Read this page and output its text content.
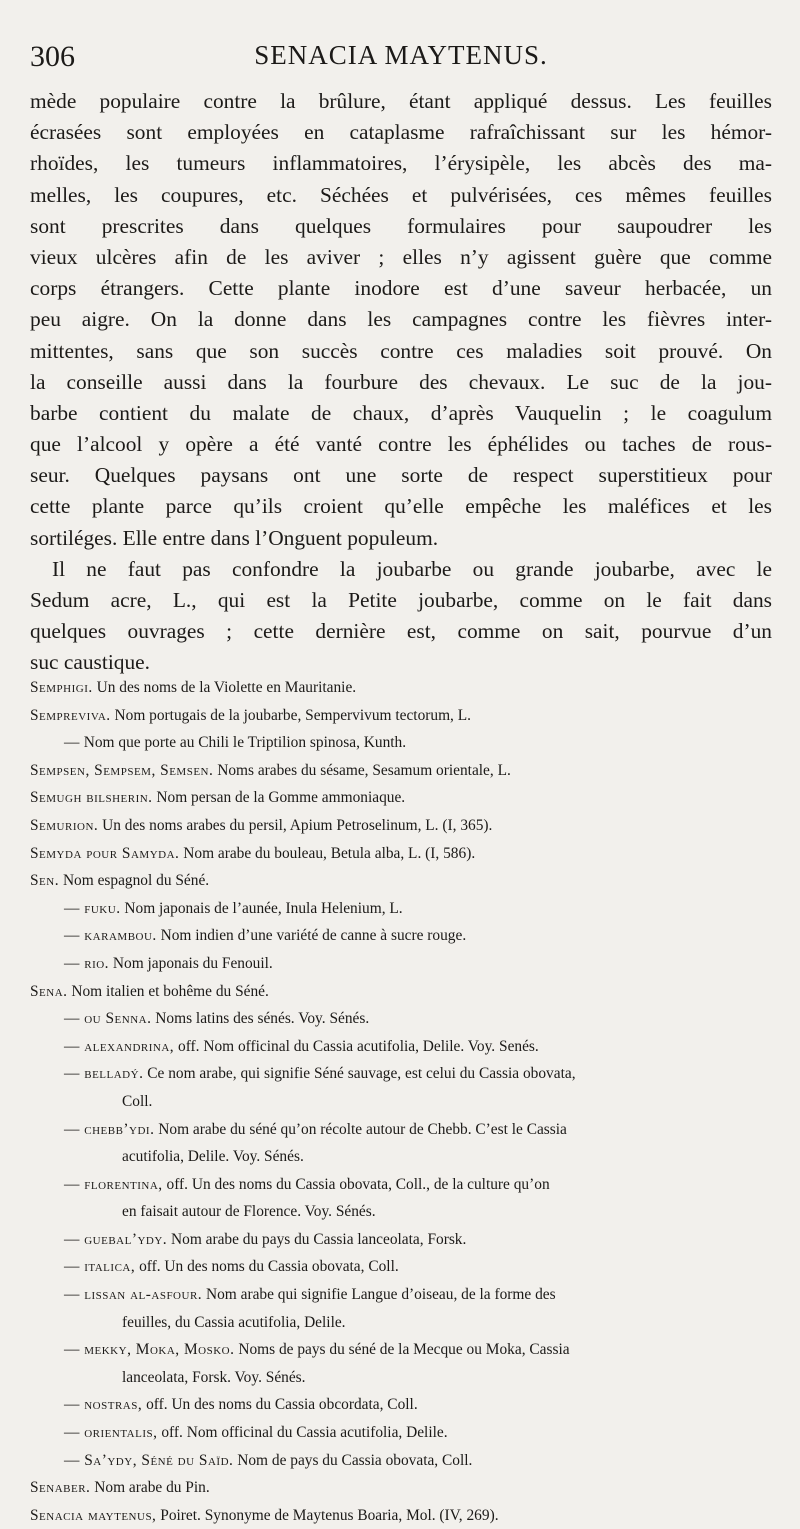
306	SENACIA MAYTENUS.
mède populaire contre la brûlure, étant appliqué dessus. Les feuilles
écrasées sont employées en cataplasme rafraîchissant sur les hémor-
rhoïdes, les tumeurs inflammatoires, l’érysipèle, les abcès des ma-
melles, les coupures, etc. Séchées et pulvérisées, ces mêmes feuilles
sont prescrites dans quelques formulaires pour saupoudrer les
vieux ulcères afin de les aviver ; elles n’y agissent guère que comme
corps étrangers. Cette plante inodore est d’une saveur herbacée, un
peu aigre. On la donne dans les campagnes contre les fièvres inter-
mittentes, sans que son succès contre ces maladies soit prouvé. On
la conseille aussi dans la fourbure des chevaux. Le suc de la jou-
barbe contient du malate de chaux, d’après Vauquelin ; le coagulum
que l’alcool y opère a été vanté contre les éphélides ou taches de rous-
seur. Quelques paysans ont une sorte de respect superstitieux pour
cette plante parce qu’ils croient qu’elle empêche les maléfices et les
sortiléges. Elle entre dans l’Onguent populeum.
Il ne faut pas confondre la joubarbe ou grande joubarbe, avec le
Sedum acre, L., qui est la Petite joubarbe, comme on le fait dans
quelques ouvrages ; cette dernière est, comme on sait, pourvue d’un
suc caustique.
Semphigi. Un des noms de la Violette en Mauritanie.
Sempreviva. Nom portugais de la joubarbe, Sempervivum tectorum, L.
— Nom que porte au Chili le Triptilion spinosa, Kunth.
Sempsen, Sempsem, Semsen. Noms arabes du sésame, Sesamum orientale, L.
Semugh bilsherin. Nom persan de la Gomme ammoniaque.
Semurion. Un des noms arabes du persil, Apium Petroselinum, L. (I, 365).
Semyda pour Samyda. Nom arabe du bouleau, Betula alba, L. (I, 586).
Sen. Nom espagnol du Séné.
— fuku. Nom japonais de l’aunée, Inula Helenium, L.
— karambou. Nom indien d’une variété de canne à sucre rouge.
— rio. Nom japonais du Fenouil.
Sena. Nom italien et bohême du Séné.
— ou Senna. Noms latins des sénés. Voy. Sénés.
— alexandrina, off. Nom officinal du Cassia acutifolia, Delile. Voy. Senés.
— belladý. Ce nom arabe, qui signifie Séné sauvage, est celui du Cassia obovata,
Coll.
— chebb’ydi. Nom arabe du séné qu’on récolte autour de Chebb. C’est le Cassia
acutifolia, Delile. Voy. Sénés.
— florentina, off. Un des noms du Cassia obovata, Coll., de la culture qu’on
en faisait autour de Florence. Voy. Sénés.
— guebal’ydy. Nom arabe du pays du Cassia lanceolata, Forsk.
— italica, off. Un des noms du Cassia obovata, Coll.
— lissan al-asfour. Nom arabe qui signifie Langue d’oiseau, de la forme des
feuilles, du Cassia acutifolia, Delile.
— mekky, Moka, Mosko. Noms de pays du séné de la Mecque ou Moka, Cassia
lanceolata, Forsk. Voy. Sénés.
— nostras, off. Un des noms du Cassia obcordata, Coll.
— orientalis, off. Nom officinal du Cassia acutifolia, Delile.
— Sa’ydy, Séné du Saïd. Nom de pays du Cassia obovata, Coll.
Senaber. Nom arabe du Pin.
Senacia maytenus, Poiret. Synonyme de Maytenus Boaria, Mol. (IV, 269).
